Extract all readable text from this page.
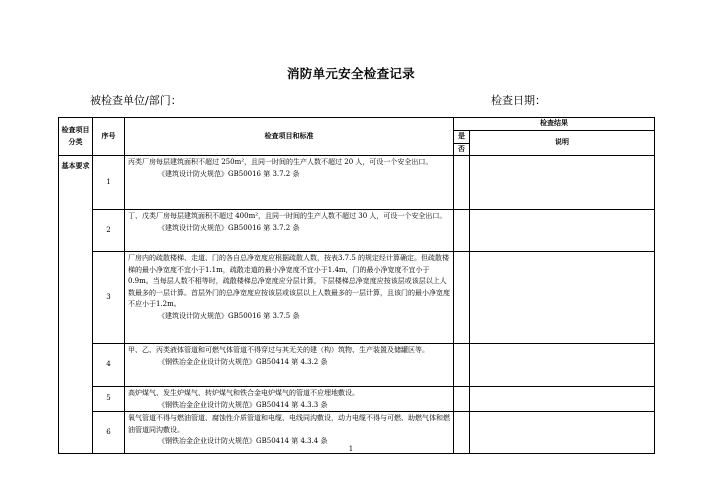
消防单元安全检查记录
被检查单位/部门：	检查日期：
检查项目分类	序号	检查项目和标准	检查结果	
			是	说明
			否	
基本要求	1	丙类厂房每层建筑面积不超过 250m²，且同一时间的生产人数不超过 20 人，可设一个安全出口。
《建筑设计防火规范》GB50016 第 3.7.2 条		

	2	丁、戊类厂房每层建筑面积不超过 400m²，且同一时间的生产人数不超过 30 人，可设一个安全出口。
《建筑设计防火规范》GB50016 第 3.7.2 条		

	3	厂房内的疏散楼梯、走道、门的各自总净宽度应根据疏散人数，按表3.7.5 的规定经计算确定。但疏散楼梯的最小净宽度不宜小于1.1m，疏散走道的最小净宽度不宜小于1.4m，门的最小净宽度不宜小于0.9m。当每层人数不相等时，疏散楼梯总净宽度应分层计算，下层楼梯总净宽度应按该层或该层以上人数最多的一层计算。首层外门的总净宽度应按该层或该层以上人数最多的一层计算，且该门的最小净宽度不应小于1.2m。
《建筑设计防火规范》GB50016 第 3.7.5 条		

	4	甲、乙、丙类液体管道和可燃气体管道不得穿过与其无关的建（构）筑物、生产装置及储罐区等。
《钢铁冶金企业设计防火规范》GB50414 第 4.3.2 条		

	5	高炉煤气、发生炉煤气、转炉煤气和铁合金电炉煤气的管道不应埋地敷设。
《钢铁冶金企业设计防火规范》GB50414 第 4.3.3 条		

	6	氧气管道不得与燃油管道、腐蚀性介质管道和电缆、电线同沟敷设，动力电缆不得与可燃、助燃气体和燃油管道同沟敷设。
《钢铁冶金企业设计防火规范》GB50414 第 4.3.4 条		

1
